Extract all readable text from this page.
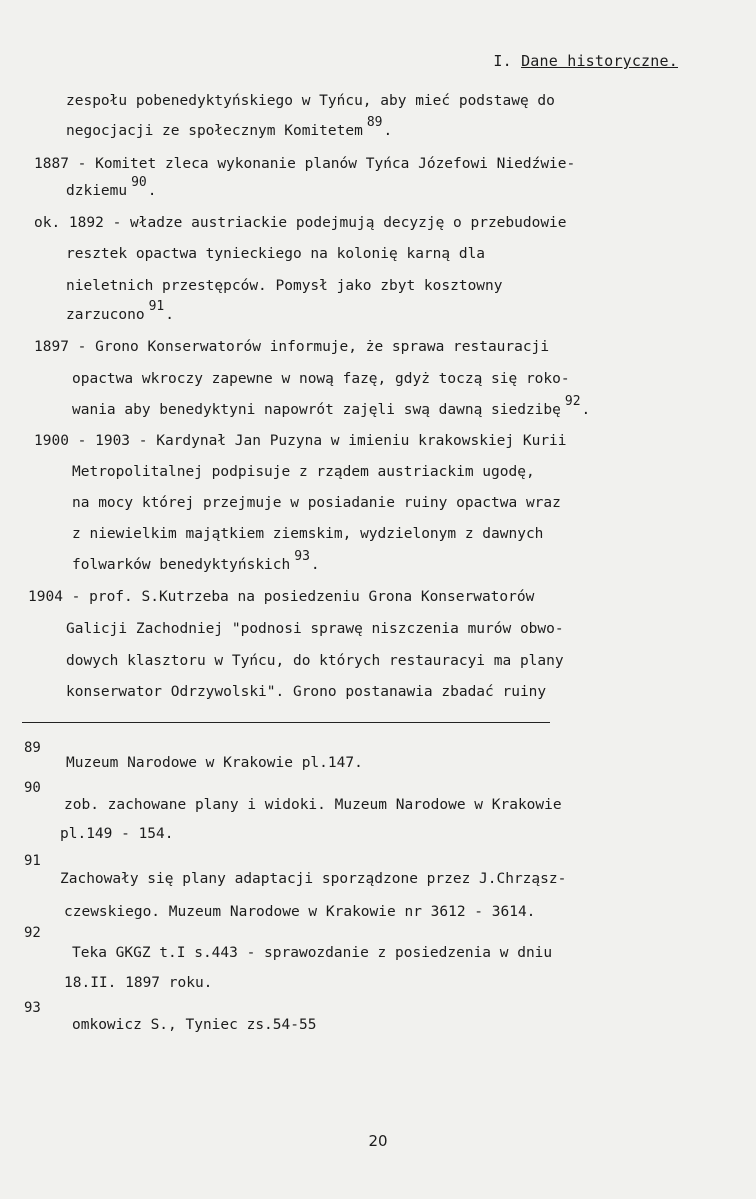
I. Dane historyczne.
zespołu pobenedyktyńskiego w Tyńcu, aby mieć podstawę do
negocjacji ze społecznym Komitetem89.
1887 - Komitet zleca wykonanie planów Tyńca Józefowi Niedźwie-
dzkiemu90.
ok. 1892 - władze austriackie podejmują decyzję o przebudowie
resztek opactwa tynieckiego na kolonię karną dla
nieletnich przestępców. Pomysł jako zbyt kosztowny
zarzucono91.
1897 - Grono Konserwatorów informuje, że sprawa restauracji
opactwa wkroczy zapewne w nową fazę, gdyż toczą się roko-
wania aby benedyktyni napowrót zajęli swą dawną siedzibę92.
1900 - 1903 - Kardynał Jan Puzyna w imieniu krakowskiej Kurii
Metropolitalnej podpisuje z rządem austriackim ugodę,
na mocy której przejmuje w posiadanie ruiny opactwa wraz
z niewielkim majątkiem ziemskim, wydzielonym z dawnych
folwarków benedyktyńskich93.
1904 - prof. S.Kutrzeba na posiedzeniu Grona Konserwatorów
Galicji Zachodniej "podnosi sprawę niszczenia murów obwo-
dowych klasztoru w Tyńcu, do których restauracyi ma plany
konserwator Odrzywolski". Grono postanawia zbadać ruiny
89
Muzeum Narodowe w Krakowie pl.147.
90
zob. zachowane plany i widoki. Muzeum Narodowe w Krakowie
pl.149 - 154.
91
Zachowały się plany adaptacji sporządzone przez J.Chrząsz-
czewskiego. Muzeum Narodowe w Krakowie nr 3612 - 3614.
92
Teka GKGZ t.I s.443 - sprawozdanie z posiedzenia w dniu
18.II. 1897 roku.
93
omkowicz S., Tyniec zs.54-55
20
